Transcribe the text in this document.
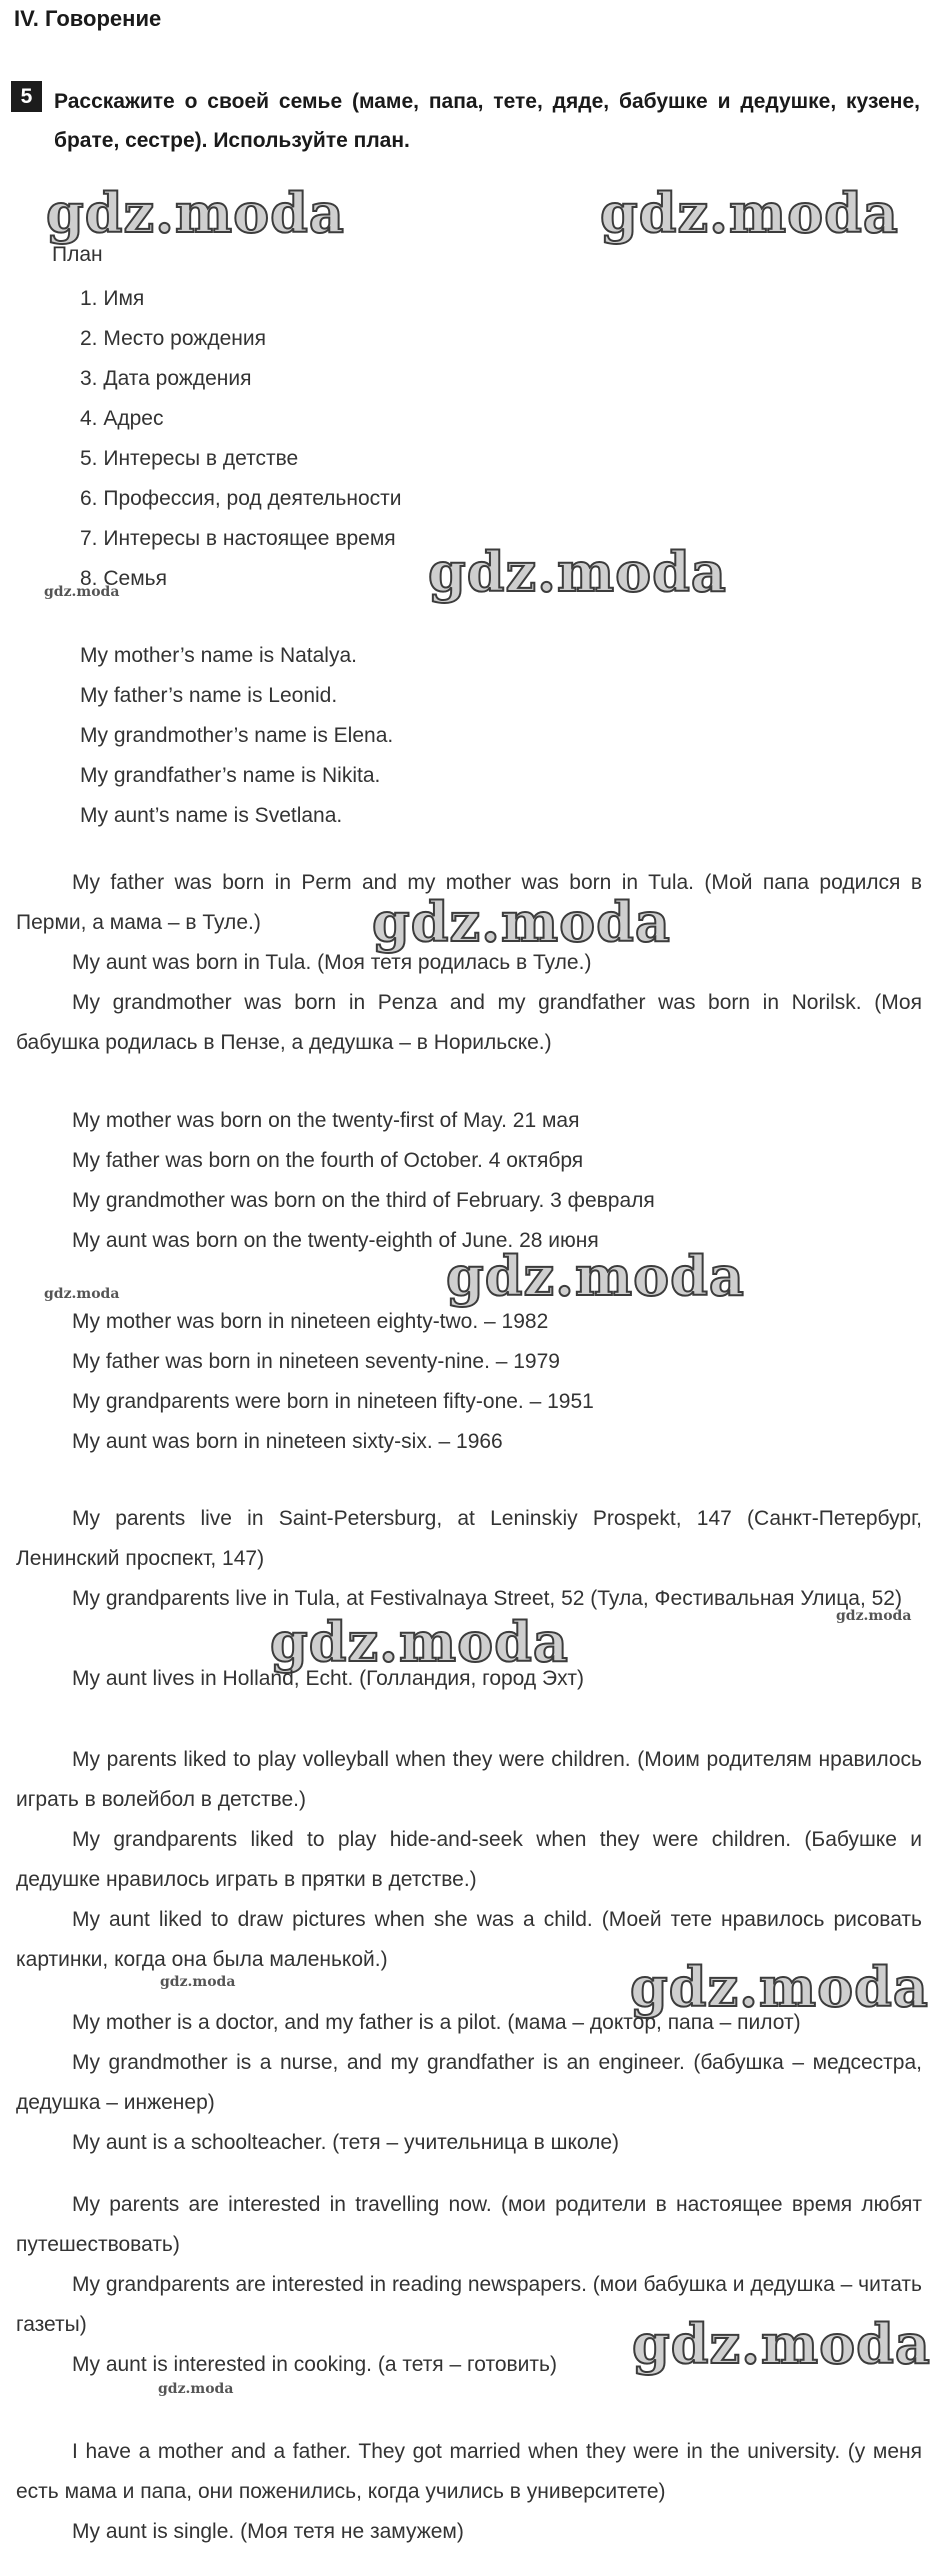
IV. Говорение
5	Расскажите о своей семье (маме, папа, тете, дяде, бабушке и дедушке, кузене, брате, сестре). Используйте план.
gdz.moda	gdz.moda
gdz.moda	gdz.moda
gdz.moda
gdz.moda	gdz.moda
gdz.moda
gdz.moda
gdz.moda	gdz.moda
gdz.moda
gdz.moda
План
1. Имя
2. Место рождения
3. Дата рождения
4. Адрес
5. Интересы в детстве
6. Профессия, род деятельности
7. Интересы в настоящее время
8. Семья
My mother’s name is Natalya.
My father’s name is Leonid.
My grandmother’s name is Elena.
My grandfather’s name is Nikita.
My aunt’s name is Svetlana.
My father was born in Perm and my mother was born in Tula. (Мой папа родился в Перми, а мама – в Туле.)
My aunt was born in Tula. (Моя тетя родилась в Туле.)
My grandmother was born in Penza and my grandfather was born in Norilsk. (Моя бабушка родилась в Пензе, а дедушка – в Норильске.)
My mother was born on the twenty-first of May. 21 мая
My father was born on the fourth of October. 4 октября
My grandmother was born on the third of February. 3 февраля
My aunt was born on the twenty-eighth of June. 28 июня
My mother was born in nineteen eighty-two. – 1982
My father was born in nineteen seventy-nine. – 1979
My grandparents were born in nineteen fifty-one. – 1951
My aunt was born in nineteen sixty-six. – 1966
My parents live in Saint-Petersburg, at Leninskiy Prospekt, 147 (Санкт-Петербург, Ленинский проспект, 147)
My grandparents live in Tula, at Festivalnaya Street, 52 (Тула, Фестивальная Улица, 52)
My aunt lives in Holland, Echt. (Голландия, город Эхт)
My parents liked to play volleyball when they were children. (Моим родителям нравилось играть в волейбол в детстве.)
My grandparents liked to play hide-and-seek when they were children. (Бабушке и дедушке нравилось играть в прятки в детстве.)
My aunt liked to draw pictures when she was a child. (Моей тете нравилось рисовать картинки, когда она была маленькой.)
My mother is a doctor, and my father is a pilot. (мама – доктор, папа – пилот)
My grandmother is a nurse, and my grandfather is an engineer. (бабушка – медсестра, дедушка – инженер)
My aunt is a schoolteacher. (тетя – учительница в школе)
My parents are interested in travelling now. (мои родители в настоящее время любят путешествовать)
My grandparents are interested in reading newspapers. (мои бабушка и дедушка – читать газеты)
My aunt is interested in cooking. (а тетя – готовить)
I have a mother and a father. They got married when they were in the university. (у меня есть мама и папа, они поженились, когда учились в университете)
My aunt is single. (Моя тетя не замужем)
